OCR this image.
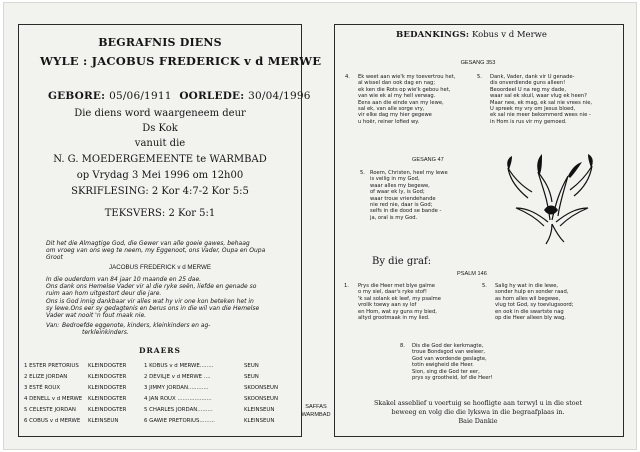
BEGRAFNIS DIENS
WYLE : JACOBUS FREDERICK v d MERWE
GEBORE: 05/06/1911 OORLEDE: 30/04/1996
Die diens word waargeneem deur
Ds Kok
vanuit die
N. G. MOEDERGEMEENTE te WARMBAD
op Vrydag 3 Mei 1996 om 12h00
SKRIFLESING: 2 Kor 4:7-2 Kor 5:5
TEKSVERS: 2 Kor 5:1
Dit het die Almagtige God, die Gewer van alle goeie gawes, behaag
om vroeg van ons weg te neem, my Eggenoot, ons Vader, Oupa en Oupa
Groot
JACOBUS FREDERICK v d MERWE
In die ouderdom van 84 jaar 10 maande en 25 dae.
Ons dank ons Hemelse Vader vir al die ryke seën, liefde en genade so
ruim aan hom uitgestort deur die jare.
Ons is God innig dankbaar vir alles wat hy vir one kon beteken het in
sy lewe.Ons eer sy gedagtenis en berus ons in die wil van die Hemelse
Vader wat nooit 'n fout maak nie.
Van: Bedroefde eggenote, kinders, kleinkinders en ag-
terkleinkinders.
DRAERS
1 ESTER PRETORIUS	KLEINDOGTER	1 KOBUS v d MERWE........	SEUN
2 ELIZE JORDAN	KLEINDOGTER	2 DEVILJE v d MERWE ....	SEUN
3 ESTÉ ROUX	KLEINDOGTER	3 JIMMY JORDAN............	SKOONSEUN
4 DENELL v d MERWE	KLEINDOGTER	4 JAN ROUX ....................	SKOONSEUN
5 CELESTE JORDAN	KLEINDOGTER	5 CHARLES JORDAN.........	KLEINSEUN
6 COBUS v d MERWE	KLEINSEUN	6 GAWIE PRETORIUS.........	KLEINSEUN
SAFFAS
WARMBAD
BEDANKINGS: Kobus v d Merwe
GESANG 353
4. Ek weet aan wie'k my toevertrou het,
al wissel dan ook dag en nag;
ek ken die Rots op wie'k gebou het,
van wie ek al my hell verwag.
Eens aan die einde van my lewe,
sal ek, van alle sorge vry,
vir elke dag my hier gegewe
u hoër, reiner lofied wy.
5. Dank, Vader, dank vir U genade-
dis onverdiende guns alleen!
Beoordeel U na reg my dade,
waar sal ek skuil, waar vlug ek heen?
Maar nee, ek mag, ek sal nie vrees nie,
U spreek my vry om Jesus bloed,
ek sal nie meer bekommerd wees nie -
in Hom is rus vir my gemoed.
GESANG 47
5. Roem, Christen, heel my lewe
is veilig in my God,
waar alles my begewe,
of waar ek ly, is God;
waar troue vriendehande
nie red nie, daar is God;
selfs in die dood se bande -
ja, oral is my God.
By die graf:
PSALM 146
1. Prys die Heer met blye galme
o my siel, daar's ryke stof!
'k sal solank ek leef, my psalme
vrolik toewy aan sy lof
en Hom, wat sy guns my bied,
altyd grootmaak in my lied.
5. Salig hy wat in die lewe,
sonder hulp en sonder raad,
as hom alles wil begewe,
vlug tot God, sy toevlugsoord;
en ook in die swartste nag
op die Heer alleen bly wag.
8. Dis die God der kerkmagte,
troue Bondsgod van weleer,
God van wordende geslagte,
totin ewigheid die Heer.
Sion, sing die God ter eer,
prys sy grootheid, lof die Heer!
Skakel asseblief u voertuig se hoofligte aan terwyl u in die stoet
beweeg en volg die die lykswa in die begraafplaas in.
Baie Dankie
